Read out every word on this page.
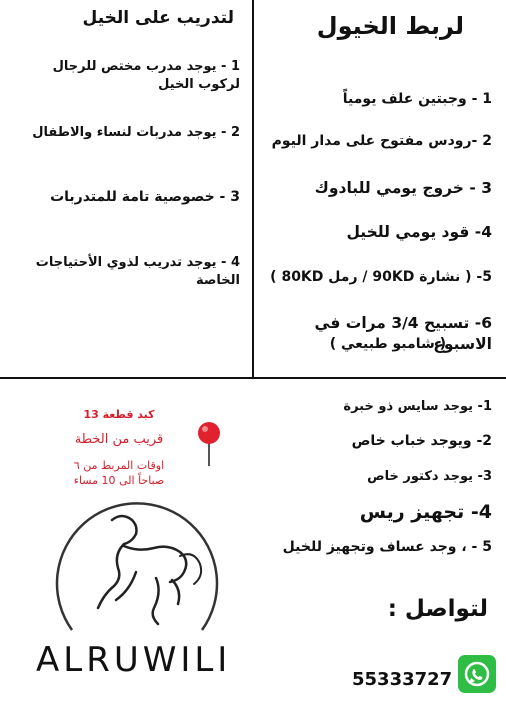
لربط الخيول
1 - وجبتين علف يومياً
2 -رودس مفتوح على مدار اليوم
3 - خروج يومي للبادوك
4- قود يومي للخيل
5- ( نشارة 90KD / رمل 80KD )
6- تسبيح 3/4 مرات في الاسبوع
( شامبو طبيعي )
لتدريب على الخيل
1 - يوجد مدرب مختص للرجال لركوب الخيل
2 - يوجد مدربات لنساء والاطفال
3 - خصوصية تامة للمتدربات
4 - يوجد تدريب لذوي الأحتياجات الخاصة
1- يوجد سايس ذو خبرة
2- ويوجد خباب خاص
3- يوجد دكتور خاص
4- تجهيز ريس
5 - ، وجد عساف وتجهيز للخيل
لتواصل :
55333727
كبد قطعة 13
قريب من الخطة
اوقات المربط من ٦ صباحاً الى 10 مساء
ALRUWILI
